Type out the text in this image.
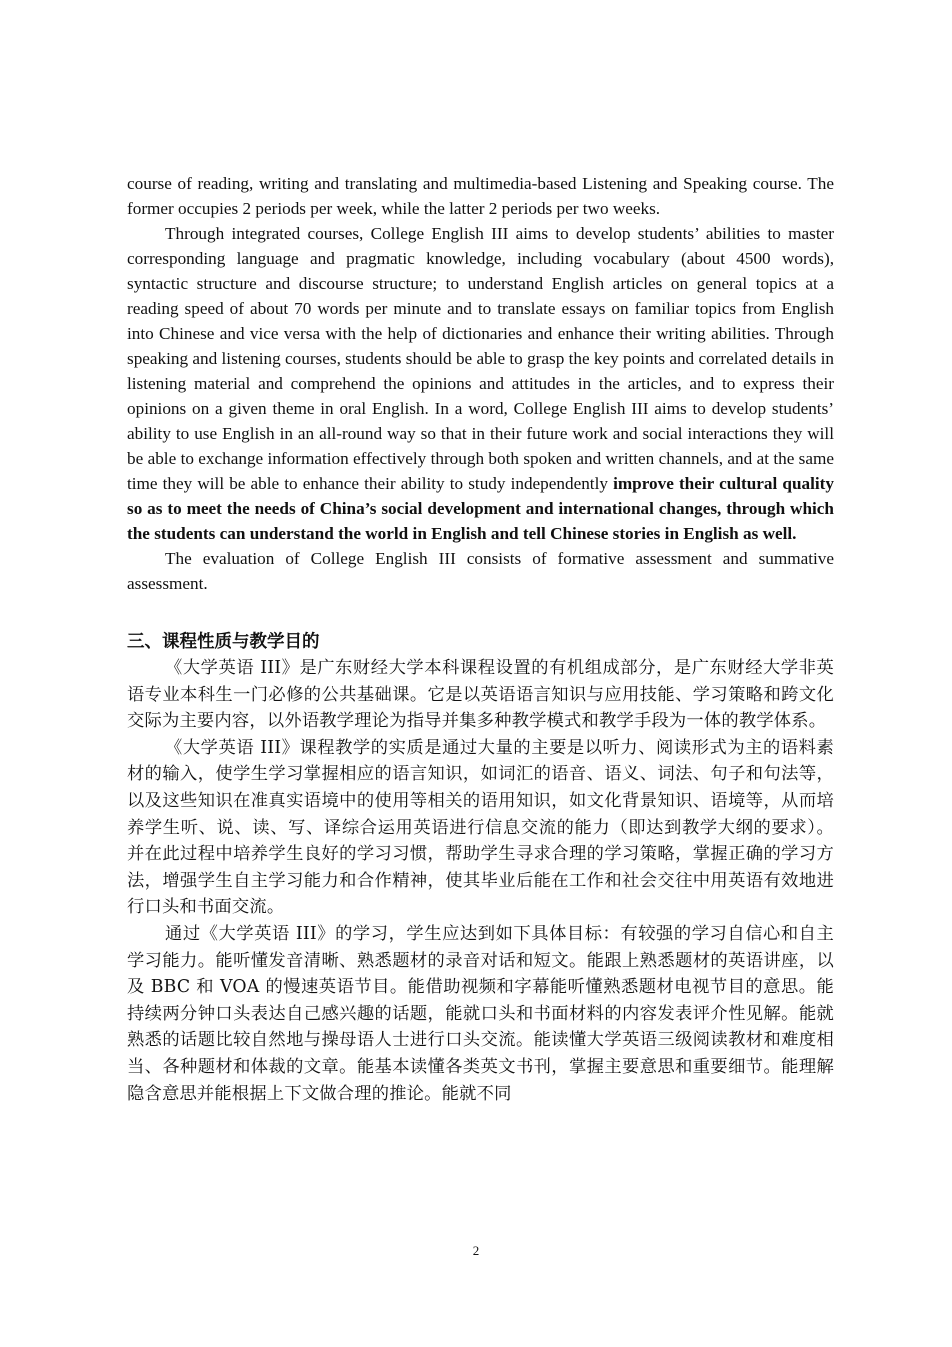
course of reading, writing and translating and multimedia-based Listening and Speaking course. The former occupies 2 periods per week, while the latter 2 periods per two weeks.

Through integrated courses, College English III aims to develop students’ abilities to master corresponding language and pragmatic knowledge, including vocabulary (about 4500 words), syntactic structure and discourse structure; to understand English articles on general topics at a reading speed of about 70 words per minute and to translate essays on familiar topics from English into Chinese and vice versa with the help of dictionaries and enhance their writing abilities. Through speaking and listening courses, students should be able to grasp the key points and correlated details in listening material and comprehend the opinions and attitudes in the articles, and to express their opinions on a given theme in oral English. In a word, College English III aims to develop students’ ability to use English in an all-round way so that in their future work and social interactions they will be able to exchange information effectively through both spoken and written channels, and at the same time they will be able to enhance their ability to study independently improve their cultural quality so as to meet the needs of China’s social development and international changes, through which the students can understand the world in English and tell Chinese stories in English as well.

The evaluation of College English III consists of formative assessment and summative assessment.

三、课程性质与教学目的

《大学英语 III》是广东财经大学本科课程设置的有机组成部分，是广东财经大学非英语专业本科生一门必修的公共基础课。它是以英语语言知识与应用技能、学习策略和跨文化交际为主要内容，以外语教学理论为指导并集多种教学模式和教学手段为一体的教学体系。

《大学英语 III》课程教学的实质是通过大量的主要是以听力、阅读形式为主的语料素材的输入，使学生学习掌握相应的语言知识，如词汇的语音、语义、词法、句子和句法等，以及这些知识在准真实语境中的使用等相关的语用知识，如文化背景知识、语境等，从而培养学生听、说、读、写、译综合运用英语进行信息交流的能力（即达到教学大纲的要求）。并在此过程中培养学生良好的学习习惯，帮助学生寻求合理的学习策略，掌握正确的学习方法，增强学生自主学习能力和合作精神，使其毕业后能在工作和社会交往中用英语有效地进行口头和书面交流。

通过《大学英语 III》的学习，学生应达到如下具体目标：有较强的学习自信心和自主学习能力。能听懂发音清晰、熟悉题材的录音对话和短文。能跟上熟悉题材的英语讲座，以及 BBC 和 VOA 的慢速英语节目。能借助视频和字幕能听懂熟悉题材电视节目的意思。能持续两分钟口头表达自己感兴趣的话题，能就口头和书面材料的内容发表评介性见解。能就熟悉的话题比较自然地与操母语人士进行口头交流。能读懂大学英语三级阅读教材和难度相当、各种题材和体裁的文章。能基本读懂各类英文书刊，掌握主要意思和重要细节。能理解隐含意思并能根据上下文做合理的推论。能就不同

2
